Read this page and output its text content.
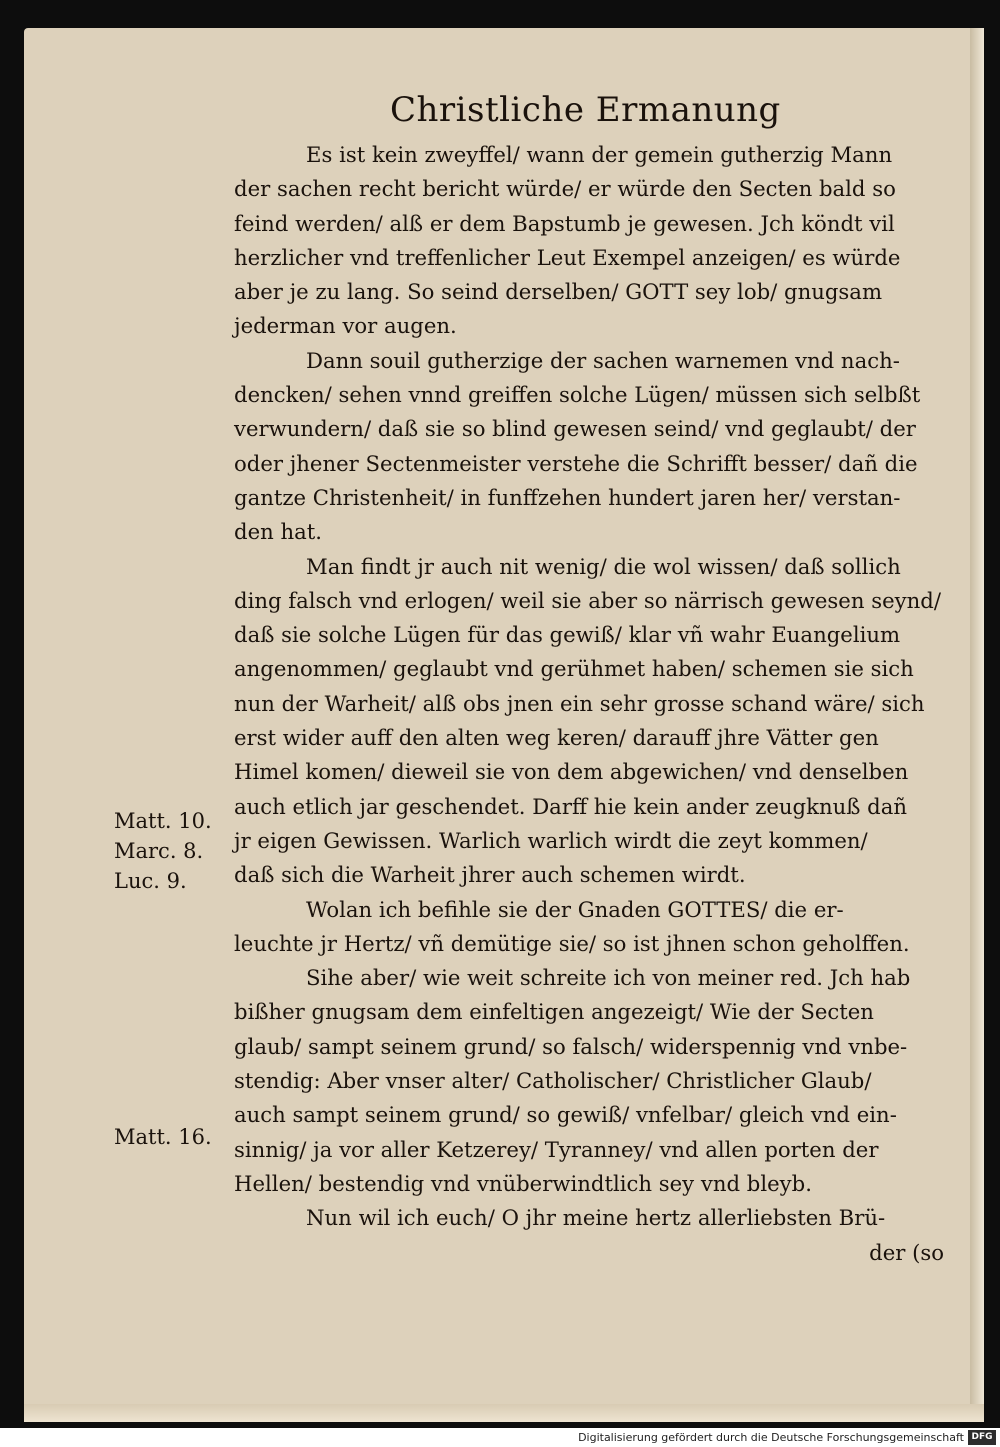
Christliche Ermanung
Es ist kein zweyffel/ wann der gemein gutherzig Mann
der sachen recht bericht würde/ er würde den Secten bald so
feind werden/ alß er dem Bapstumb je gewesen. Jch köndt vil
herzlicher vnd treffenlicher Leut Exempel anzeigen/ es würde
aber je zu lang. So seind derselben/ GOTT sey lob/ gnugsam
jederman vor augen.
Dann souil gutherzige der sachen warnemen vnd nach-
dencken/ sehen vnnd greiffen solche Lügen/ müssen sich selbßt
verwundern/ daß sie so blind gewesen seind/ vnd geglaubt/ der
oder jhener Sectenmeister verstehe die Schrifft besser/ dañ die
gantze Christenheit/ in funffzehen hundert jaren her/ verstan-
den hat.
Man findt jr auch nit wenig/ die wol wissen/ daß sollich
ding falsch vnd erlogen/ weil sie aber so närrisch gewesen seynd/
daß sie solche Lügen für das gewiß/ klar vñ wahr Euangelium
angenommen/ geglaubt vnd gerühmet haben/ schemen sie sich
nun der Warheit/ alß obs jnen ein sehr grosse schand wäre/ sich
erst wider auff den alten weg keren/ darauff jhre Vätter gen
Himel komen/ dieweil sie von dem abgewichen/ vnd denselben
auch etlich jar geschendet. Darff hie kein ander zeugknuß dañ
jr eigen Gewissen. Warlich warlich wirdt die zeyt kommen/
daß sich die Warheit jhrer auch schemen wirdt.
Wolan ich befihle sie der Gnaden GOTTES/ die er-
leuchte jr Hertz/ vñ demütige sie/ so ist jhnen schon geholffen.
Sihe aber/ wie weit schreite ich von meiner red. Jch hab
bißher gnugsam dem einfeltigen angezeigt/ Wie der Secten
glaub/ sampt seinem grund/ so falsch/ widerspennig vnd vnbe-
stendig: Aber vnser alter/ Catholischer/ Christlicher Glaub/
auch sampt seinem grund/ so gewiß/ vnfelbar/ gleich vnd ein-
sinnig/ ja vor aller Ketzerey/ Tyranney/ vnd allen porten der
Hellen/ bestendig vnd vnüberwindtlich sey vnd bleyb.
Nun wil ich euch/ O jhr meine hertz allerliebsten Brü-
der (so
Matt. 10.
Marc. 8.
Luc. 9.
Matt. 16.
Digitalisierung gefördert durch die Deutsche Forschungsgemeinschaft DFG
